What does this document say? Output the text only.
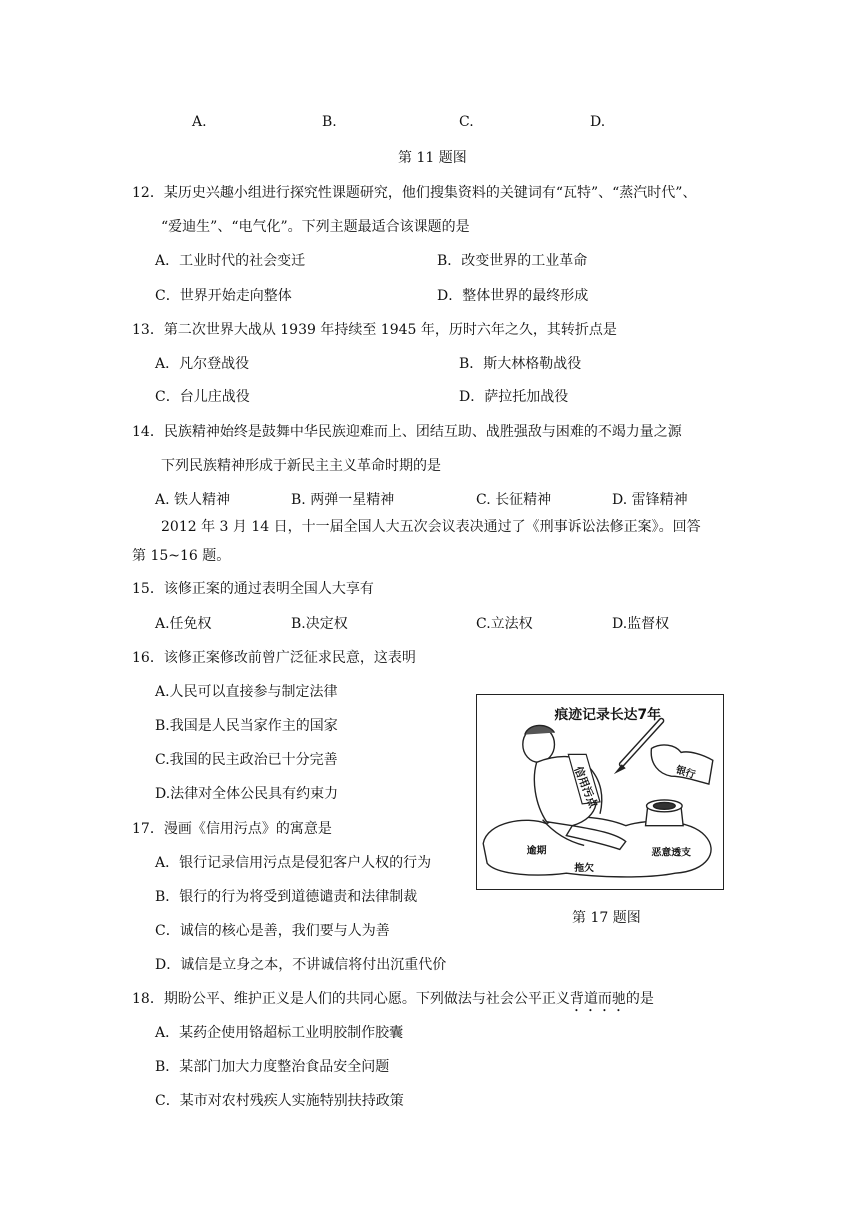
A.	B.	C.	D.
第 11 题图
12．某历史兴趣小组进行探究性课题研究，他们搜集资料的关键词有“瓦特”、“蒸汽时代”、
“爱迪生”、“电气化”。下列主题最适合该课题的是
A．工业时代的社会变迁	B．改变世界的工业革命
C．世界开始走向整体	D．整体世界的最终形成
13．第二次世界大战从 1939 年持续至 1945 年，历时六年之久，其转折点是
A．凡尔登战役	B．斯大林格勒战役
C．台儿庄战役	D．萨拉托加战役
14．民族精神始终是鼓舞中华民族迎难而上、团结互助、战胜强敌与困难的不竭力量之源
下列民族精神形成于新民主主义革命时期的是
A. 铁人精神	B. 两弹一星精神	C. 长征精神	D. 雷锋精神
2012 年 3 月 14 日，十一届全国人大五次会议表决通过了《刑事诉讼法修正案》。回答
第 15~16 题。
15．该修正案的通过表明全国人大享有
A.任免权	B.决定权	C.立法权	D.监督权
16．该修正案修改前曾广泛征求民意，这表明
A.人民可以直接参与制定法律
B.我国是人民当家作主的国家
C.我国的民主政治已十分完善
D.法律对全体公民具有约束力
痕迹记录长达7年
信用污点	银行
逾期
拖欠
恶意透支
第 17 题图
17．漫画《信用污点》的寓意是
A．银行记录信用污点是侵犯客户人权的行为
B．银行的行为将受到道德谴责和法律制裁
C．诚信的核心是善，我们要与人为善
D．诚信是立身之本，不讲诚信将付出沉重代价
18．期盼公平、维护正义是人们的共同心愿。下列做法与社会公平正义背道而驰的是
A．某药企使用铬超标工业明胶制作胶囊
B．某部门加大力度整治食品安全问题
C．某市对农村残疾人实施特别扶持政策
